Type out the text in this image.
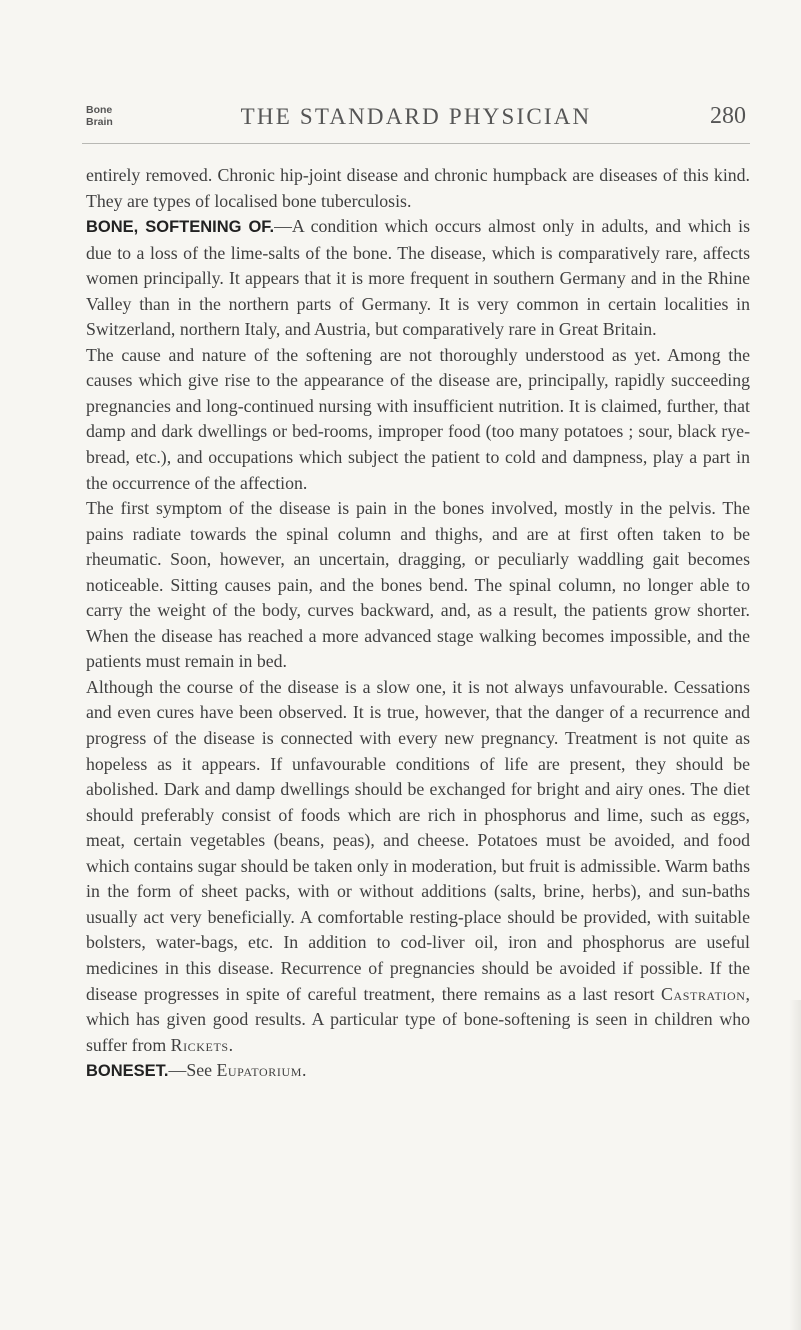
Bone
Brain	THE STANDARD PHYSICIAN	280

entirely removed. Chronic hip-joint disease and chronic humpback are diseases of this kind. They are types of localised bone tuberculosis.

BONE, SOFTENING OF.—A condition which occurs almost only in adults, and which is due to a loss of the lime-salts of the bone. The disease, which is comparatively rare, affects women principally. It appears that it is more frequent in southern Germany and in the Rhine Valley than in the northern parts of Germany. It is very common in certain localities in Switzerland, northern Italy, and Austria, but comparatively rare in Great Britain.

The cause and nature of the softening are not thoroughly understood as yet. Among the causes which give rise to the appearance of the disease are, principally, rapidly succeeding pregnancies and long-continued nursing with insufficient nutrition. It is claimed, further, that damp and dark dwellings or bed-rooms, improper food (too many potatoes ; sour, black rye-bread, etc.), and occupations which subject the patient to cold and dampness, play a part in the occurrence of the affection.

The first symptom of the disease is pain in the bones involved, mostly in the pelvis. The pains radiate towards the spinal column and thighs, and are at first often taken to be rheumatic. Soon, however, an uncertain, dragging, or peculiarly waddling gait becomes noticeable. Sitting causes pain, and the bones bend. The spinal column, no longer able to carry the weight of the body, curves backward, and, as a result, the patients grow shorter. When the disease has reached a more advanced stage walking becomes impossible, and the patients must remain in bed.

Although the course of the disease is a slow one, it is not always unfavourable. Cessations and even cures have been observed. It is true, however, that the danger of a recurrence and progress of the disease is connected with every new pregnancy. Treatment is not quite as hopeless as it appears. If unfavourable conditions of life are present, they should be abolished. Dark and damp dwellings should be exchanged for bright and airy ones. The diet should preferably consist of foods which are rich in phosphorus and lime, such as eggs, meat, certain vegetables (beans, peas), and cheese. Potatoes must be avoided, and food which contains sugar should be taken only in moderation, but fruit is admissible. Warm baths in the form of sheet packs, with or without additions (salts, brine, herbs), and sun-baths usually act very beneficially. A comfortable resting-place should be provided, with suitable bolsters, water-bags, etc. In addition to cod-liver oil, iron and phosphorus are useful medicines in this disease. Recurrence of pregnancies should be avoided if possible. If the disease progresses in spite of careful treatment, there remains as a last resort Castration, which has given good results. A particular type of bone-softening is seen in children who suffer from Rickets.

BONESET.—See Eupatorium.
